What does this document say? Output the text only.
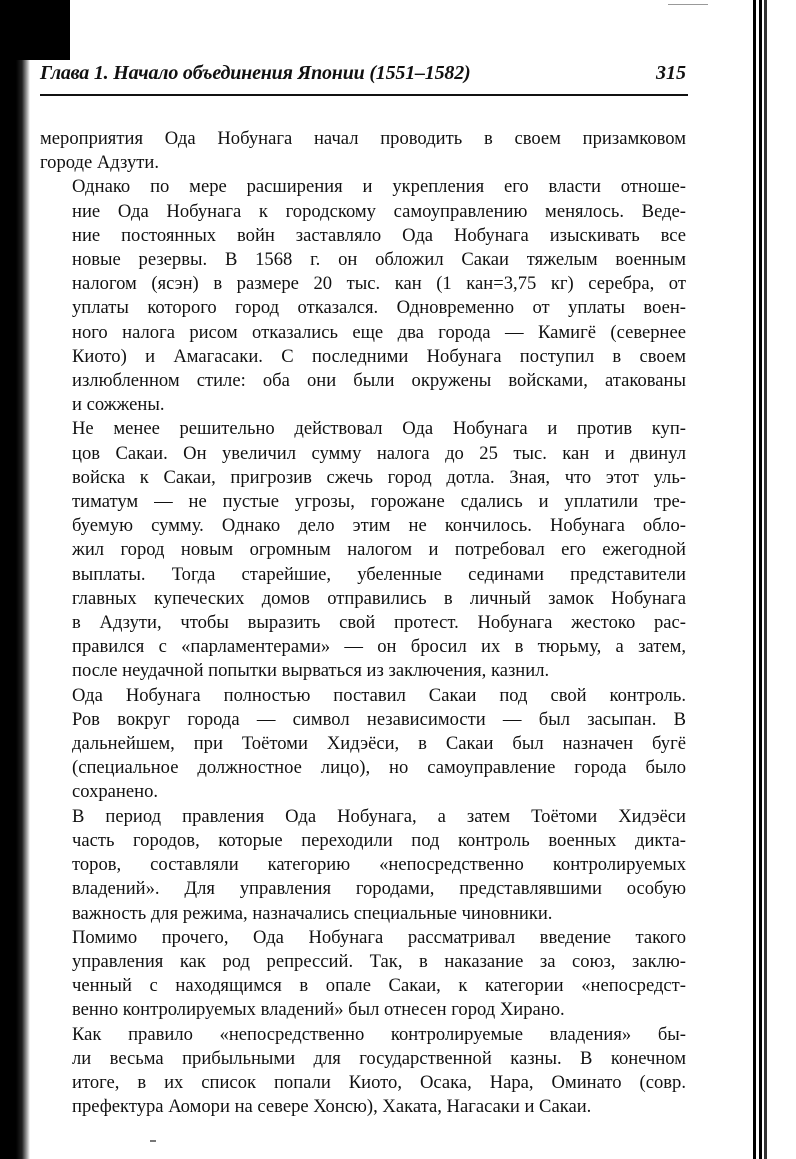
Глава 1. Начало объединения Японии (1551–1582)	315

мероприятия Ода Нобунага начал проводить в своем призамковом
городе Адзути.

Однако по мере расширения и укрепления его власти отноше-
ние Ода Нобунага к городскому самоуправлению менялось. Веде-
ние постоянных войн заставляло Ода Нобунага изыскивать все
новые резервы. В 1568 г. он обложил Сакаи тяжелым военным
налогом (ясэн) в размере 20 тыс. кан (1 кан=3,75 кг) серебра, от
уплаты которого город отказался. Одновременно от уплаты воен-
ного налога рисом отказались еще два города — Камигё (севернее
Киото) и Амагасаки. С последними Нобунага поступил в своем
излюбленном стиле: оба они были окружены войсками, атакованы
и сожжены.

Не менее решительно действовал Ода Нобунага и против куп-
цов Сакаи. Он увеличил сумму налога до 25 тыс. кан и двинул
войска к Сакаи, пригрозив сжечь город дотла. Зная, что этот уль-
тиматум — не пустые угрозы, горожане сдались и уплатили тре-
буемую сумму. Однако дело этим не кончилось. Нобунага обло-
жил город новым огромным налогом и потребовал его ежегодной
выплаты. Тогда старейшие, убеленные сединами представители
главных купеческих домов отправились в личный замок Нобунага
в Адзути, чтобы выразить свой протест. Нобунага жестоко рас-
правился с «парламентерами» — он бросил их в тюрьму, а затем,
после неудачной попытки вырваться из заключения, казнил.

Ода Нобунага полностью поставил Сакаи под свой контроль.
Ров вокруг города — символ независимости — был засыпан. В
дальнейшем, при Тоётоми Хидэёси, в Сакаи был назначен бугё
(специальное должностное лицо), но самоуправление города было
сохранено.

В период правления Ода Нобунага, а затем Тоётоми Хидэёси
часть городов, которые переходили под контроль военных дикта-
торов, составляли категорию «непосредственно контролируемых
владений». Для управления городами, представлявшими особую
важность для режима, назначались специальные чиновники.

Помимо прочего, Ода Нобунага рассматривал введение такого
управления как род репрессий. Так, в наказание за союз, заклю-
ченный с находящимся в опале Сакаи, к категории «непосредст-
венно контролируемых владений» был отнесен город Хирано.

Как правило «непосредственно контролируемые владения» бы-
ли весьма прибыльными для государственной казны. В конечном
итоге, в их список попали Киото, Осака, Нара, Оминато (совр.
префектура Аомори на севере Хонсю), Хаката, Нагасаки и Сакаи.
